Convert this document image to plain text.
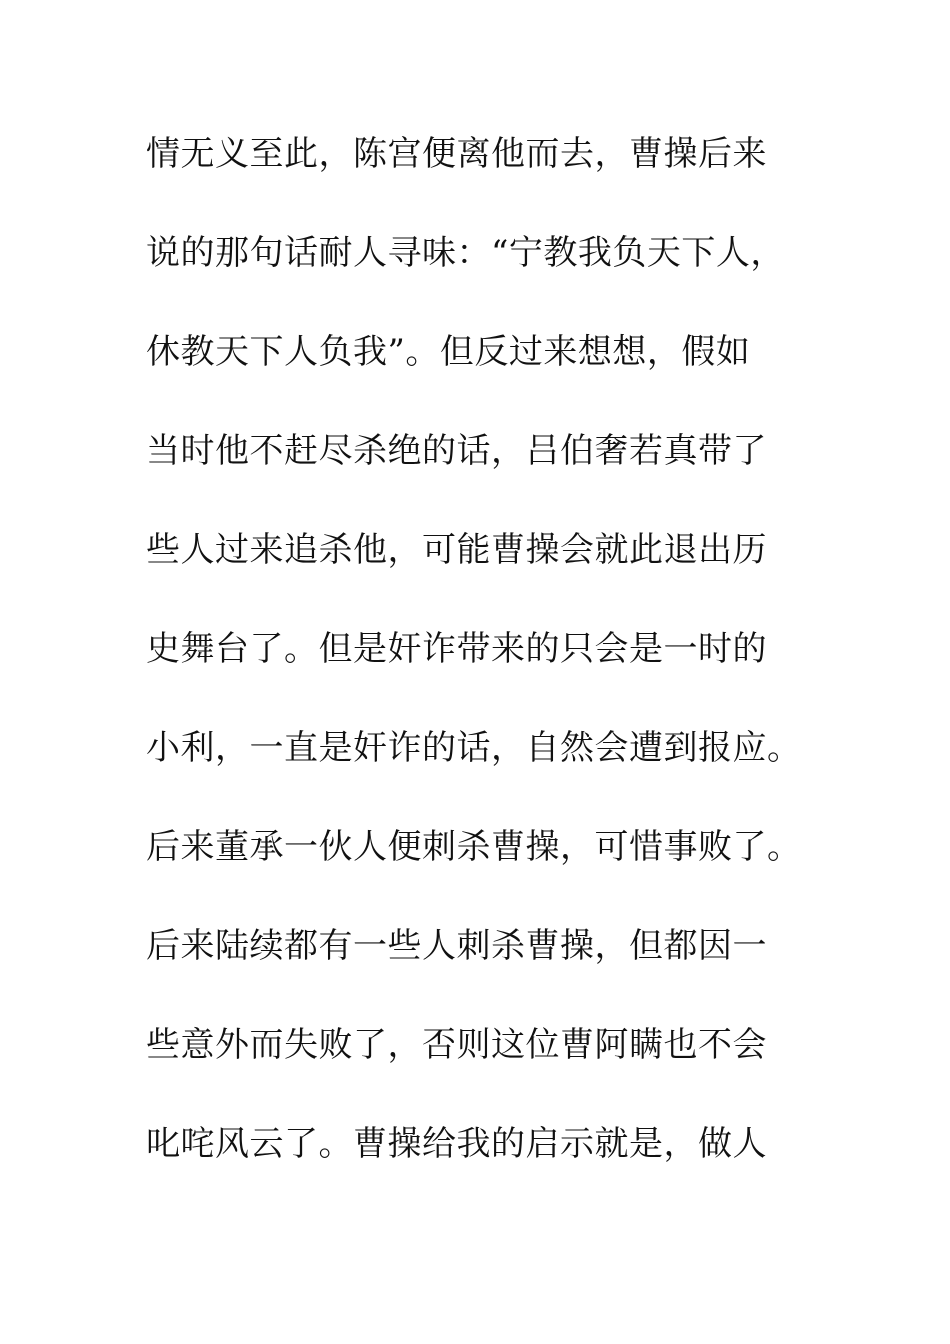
情无义至此，陈宫便离他而去，曹操后来
说的那句话耐人寻味：“宁教我负天下人，
休教天下人负我”。但反过来想想，假如
当时他不赶尽杀绝的话，吕伯奢若真带了
些人过来追杀他，可能曹操会就此退出历
史舞台了。但是奸诈带来的只会是一时的
小利，一直是奸诈的话，自然会遭到报应。
后来董承一伙人便刺杀曹操，可惜事败了。
后来陆续都有一些人刺杀曹操，但都因一
些意外而失败了，否则这位曹阿瞒也不会
叱咤风云了。曹操给我的启示就是，做人
